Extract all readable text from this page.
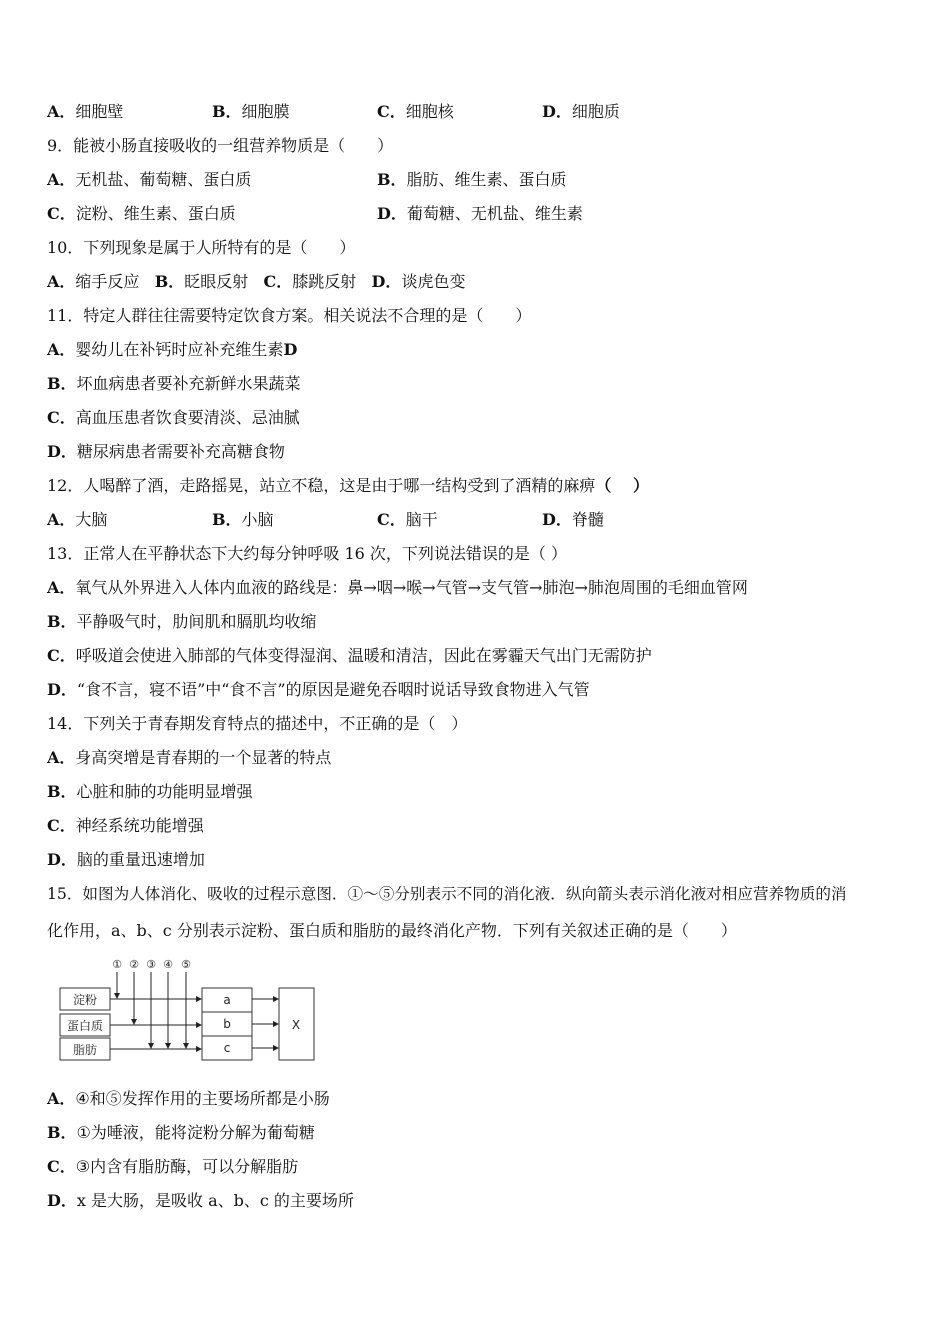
A．细胞壁	B．细胞膜	C．细胞核	D．细胞质
9．能被小肠直接吸收的一组营养物质是（　　）
A．无机盐、葡萄糖、蛋白质	B．脂肪、维生素、蛋白质
C．淀粉、维生素、蛋白质	D．葡萄糖、无机盐、维生素
10．下列现象是属于人所特有的是（　　）
A．缩手反应 B．眨眼反射 C．膝跳反射 D．谈虎色变
11．特定人群往往需要特定饮食方案。相关说法不合理的是（　　）
A．婴幼儿在补钙时应补充维生素D
B．坏血病患者要补充新鲜水果蔬菜
C．高血压患者饮食要清淡、忌油腻
D．糖尿病患者需要补充高糖食物
12．人喝醉了酒，走路摇晃，站立不稳，这是由于哪一结构受到了酒精的麻痹（　 ）
A．大脑	B．小脑	C．脑干	D．脊髓
13．正常人在平静状态下大约每分钟呼吸 16 次，下列说法错误的是（ ）
A．氧气从外界进入人体内血液的路线是：鼻→咽→喉→气管→支气管→肺泡→肺泡周围的毛细血管网
B．平静吸气时，肋间肌和膈肌均收缩
C．呼吸道会使进入肺部的气体变得湿润、温暖和清洁，因此在雾霾天气出门无需防护
D．“食不言，寝不语”中“食不言”的原因是避免吞咽时说话导致食物进入气管
14．下列关于青春期发育特点的描述中，不正确的是（　）
A．身高突增是青春期的一个显著的特点
B．心脏和肺的功能明显增强
C．神经系统功能增强
D．脑的重量迅速增加
15．如图为人体消化、吸收的过程示意图．①～⑤分别表示不同的消化液．纵向箭头表示消化液对相应营养物质的消
化作用，a、b、c 分别表示淀粉、蛋白质和脂肪的最终消化产物．下列有关叙述正确的是（　　）
① ② ③ ④ ⑤
淀粉
蛋白质
脂肪
a
b
c
X
A．④和⑤发挥作用的主要场所都是小肠
B．①为唾液，能将淀粉分解为葡萄糖
C．③内含有脂肪酶，可以分解脂肪
D．x 是大肠，是吸收 a、b、c 的主要场所
